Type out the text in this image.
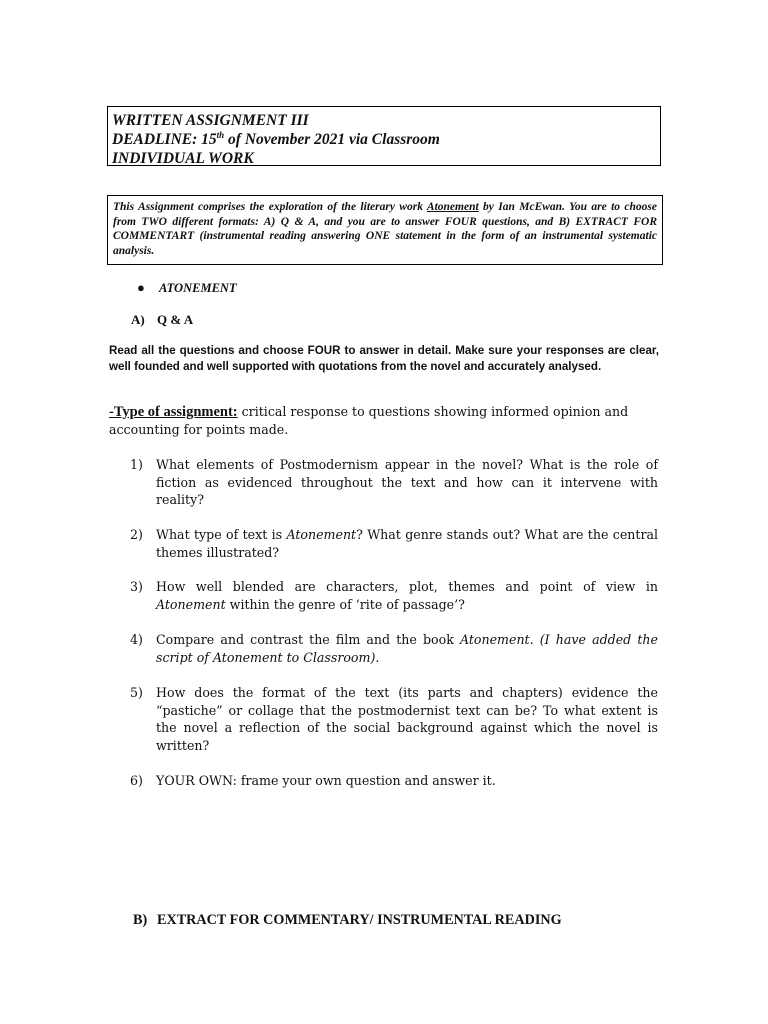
WRITTEN ASSIGNMENT III
DEADLINE: 15th of November 2021 via Classroom
INDIVIDUAL WORK
This Assignment comprises the exploration of the literary work Atonement by Ian McEwan. You are to choose from TWO different formats: A) Q & A, and you are to answer FOUR questions, and B) EXTRACT FOR COMMENTART (instrumental reading answering ONE statement in the form of an instrumental systematic analysis.
● ATONEMENT
A) Q & A
Read all the questions and choose FOUR to answer in detail. Make sure your responses are clear, well founded and well supported with quotations from the novel and accurately analysed.
-Type of assignment: critical response to questions showing informed opinion and accounting for points made.
1)	What elements of Postmodernism appear in the novel? What is the role of fiction as evidenced throughout the text and how can it intervene with reality?
2)	What type of text is Atonement? What genre stands out? What are the central themes illustrated?
3)	How well blended are characters, plot, themes and point of view in Atonement within the genre of ‘rite of passage’?
4)	Compare and contrast the film and the book Atonement. (I have added the script of Atonement to Classroom).
5)	How does the format of the text (its parts and chapters) evidence the “pastiche” or collage that the postmodernist text can be? To what extent is the novel a reflection of the social background against which the novel is written?
6)	YOUR OWN: frame your own question and answer it.
B) EXTRACT FOR COMMENTARY/ INSTRUMENTAL READING
